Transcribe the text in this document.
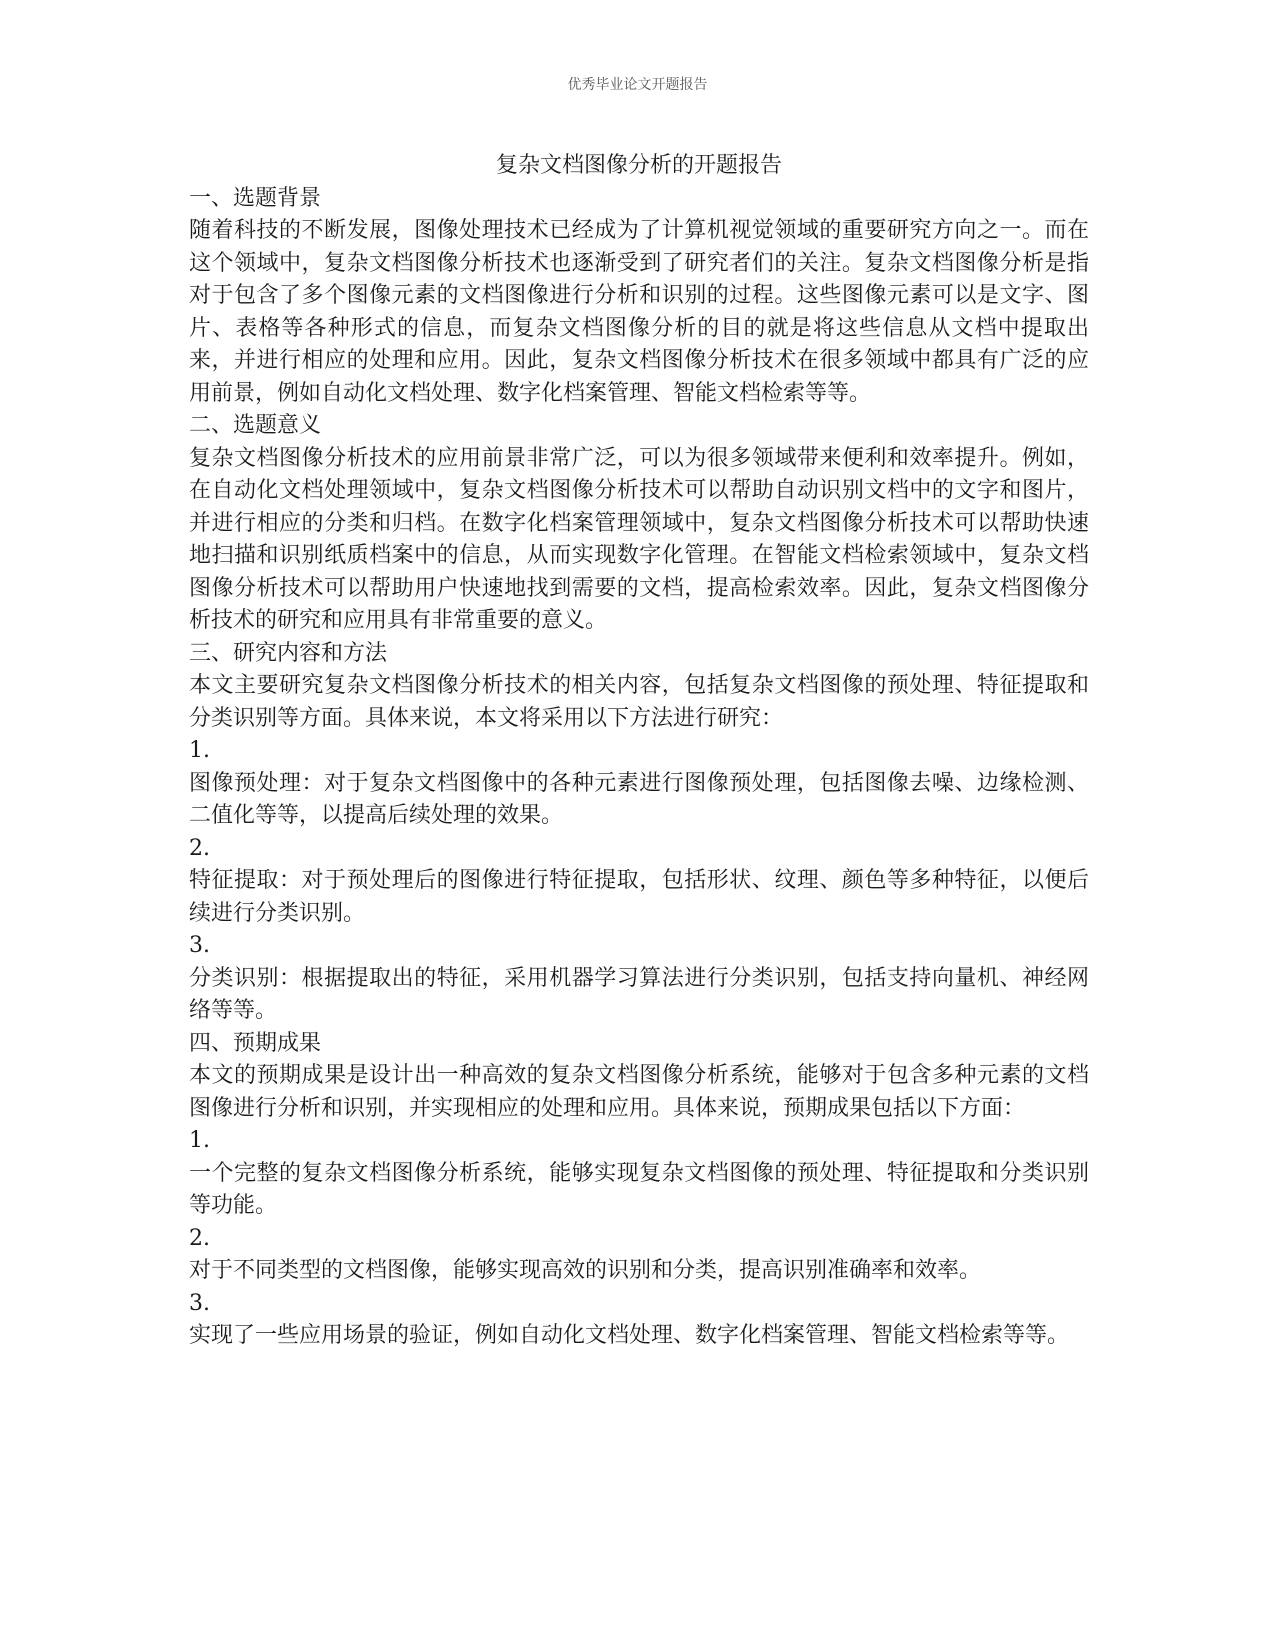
优秀毕业论文开题报告
复杂文档图像分析的开题报告
一、选题背景

随着科技的不断发展，图像处理技术已经成为了计算机视觉领域的重要研究方向之一。而在这个领域中，复杂文档图像分析技术也逐渐受到了研究者们的关注。复杂文档图像分析是指对于包含了多个图像元素的文档图像进行分析和识别的过程。这些图像元素可以是文字、图片、表格等各种形式的信息，而复杂文档图像分析的目的就是将这些信息从文档中提取出来，并进行相应的处理和应用。因此，复杂文档图像分析技术在很多领域中都具有广泛的应用前景，例如自动化文档处理、数字化档案管理、智能文档检索等等。

二、选题意义

复杂文档图像分析技术的应用前景非常广泛，可以为很多领域带来便利和效率提升。例如，在自动化文档处理领域中，复杂文档图像分析技术可以帮助自动识别文档中的文字和图片，并进行相应的分类和归档。在数字化档案管理领域中，复杂文档图像分析技术可以帮助快速地扫描和识别纸质档案中的信息，从而实现数字化管理。在智能文档检索领域中，复杂文档图像分析技术可以帮助用户快速地找到需要的文档，提高检索效率。因此，复杂文档图像分析技术的研究和应用具有非常重要的意义。

三、研究内容和方法

本文主要研究复杂文档图像分析技术的相关内容，包括复杂文档图像的预处理、特征提取和分类识别等方面。具体来说，本文将采用以下方法进行研究：

1.

图像预处理：对于复杂文档图像中的各种元素进行图像预处理，包括图像去噪、边缘检测、二值化等等，以提高后续处理的效果。

2.

特征提取：对于预处理后的图像进行特征提取，包括形状、纹理、颜色等多种特征，以便后续进行分类识别。

3.

分类识别：根据提取出的特征，采用机器学习算法进行分类识别，包括支持向量机、神经网络等等。

四、预期成果

本文的预期成果是设计出一种高效的复杂文档图像分析系统，能够对于包含多种元素的文档图像进行分析和识别，并实现相应的处理和应用。具体来说，预期成果包括以下方面：

1.

一个完整的复杂文档图像分析系统，能够实现复杂文档图像的预处理、特征提取和分类识别等功能。

2.

对于不同类型的文档图像，能够实现高效的识别和分类，提高识别准确率和效率。

3.

实现了一些应用场景的验证，例如自动化文档处理、数字化档案管理、智能文档检索等等。
